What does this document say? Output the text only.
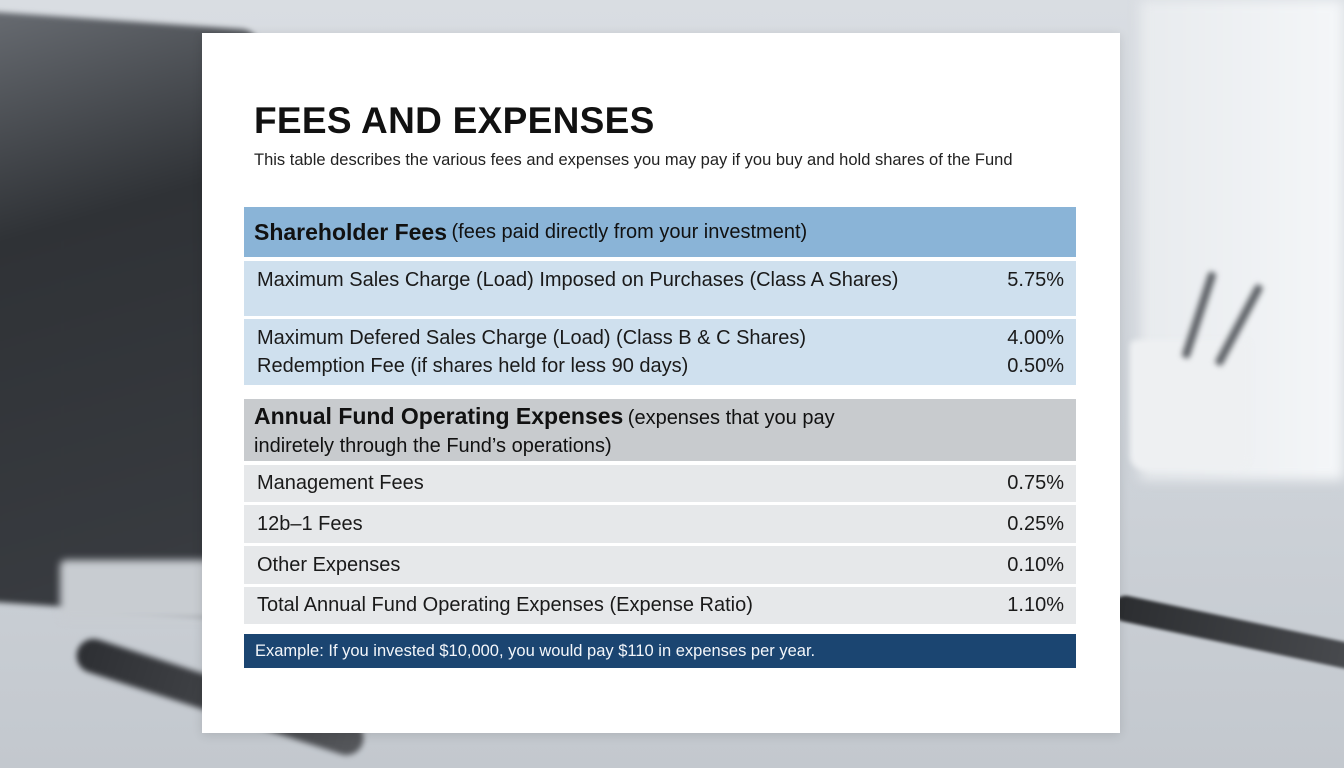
FEES AND EXPENSES

This table describes the various fees and expenses you may pay if you buy and hold shares of the Fund

Shareholder Fees
(fees paid directly from your investment)
Maximum Sales Charge (Load) Imposed on Purchases (Class A Shares)	5.75%
Maximum Defered Sales Charge (Load) (Class B & C Shares)	4.00%
Redemption Fee (if shares held for less 90 days)	0.50%
Annual Fund Operating Expenses (expenses that you pay
indiretely through the Fund’s operations)
Management Fees	0.75%
12b–1 Fees	0.25%
Other Expenses	0.10%
Total Annual Fund Operating Expenses (Expense Ratio)	1.10%
Example: If you invested $10,000, you would pay $110 in expenses per year.
